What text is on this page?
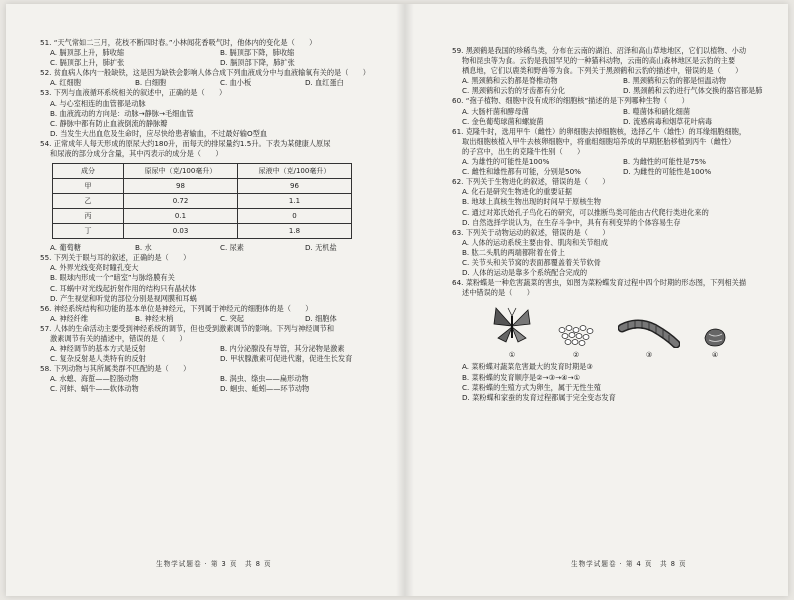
51. “天气常如二三月，花枝不断四时春。”小林闻花香吸气时，他体内的变化是（　　）
A. 膈顶部上升，肺收缩	B. 膈顶部下降，肺收缩
C. 膈顶部上升，肺扩张	D. 膈顶部下降，肺扩张
52. 贫血病人体内一般缺铁，这是因为缺铁会影响人体合成下列血液成分中与血液输氧有关的是（　　）
A. 红细胞	B. 白细胞	C. 血小板	D. 血红蛋白
53. 下列与血液循环系统相关的叙述中，正确的是（　　）
A. 与心室相连的血管都是动脉
B. 血液流动的方向是：动脉→静脉→毛细血管
C. 静脉中都有防止血液倒流的静脉瓣
D. 当发生大出血危及生命时，应尽快给患者输血，不过最好输O型血
54. 正常成年人每天形成的原尿大约180升，而每天的排尿量约1.5升。下表为某健康人原尿
和尿液的部分成分含量，其中丙表示的成分是（　　）
成分	原尿中（克/100毫升）	尿液中（克/100毫升）
甲	98	96
乙	0.72	1.1
丙	0.1	0
丁	0.03	1.8
A. 葡萄糖	B. 水	C. 尿素	D. 无机盐
55. 下列关于眼与耳的叙述，正确的是（　　）
A. 外界光线变亮时瞳孔变大
B. 眼球内形成一个“暗室”与脉络膜有关
C. 耳蜗中对光线起折射作用的结构只有晶状体
D. 产生视觉和听觉的部位分别是视网膜和耳蜗
56. 神经系统结构和功能的基本单位是神经元，下列属于神经元的细胞体的是（　　）
A. 神经纤维	B. 神经末梢	C. 突起	D. 细胞体
57. 人体的生命活动主要受到神经系统的调节，但也受到激素调节的影响。下列与神经调节和
激素调节有关的描述中，错误的是（　　）
A. 神经调节的基本方式是反射	B. 内分泌腺没有导管，其分泌物是激素
C. 复杂反射是人类特有的反射	D. 甲状腺激素可促进代谢，促进生长发育
58. 下列动物与其所属类群不匹配的是（　　）
A. 水螅、海蜇——腔肠动物	B. 涡虫、绦虫——扁形动物
C. 河蚌、蜗牛——软体动物	D. 蛔虫、蚯蚓——环节动物
生物学试题卷 · 第 3 页　共 8 页
59. 黑颈鹤是我国的珍稀鸟类，分布在云南的湖泊、沼泽和高山草地地区，它们以植物、小动
物和昆虫等为食。云豹是我国罕见的一种猫科动物，云南的高山森林地区是云豹的主要
栖息地，它们以鹿类和野兽等为食。下列关于黑颈鹤和云豹的描述中，错误的是（　　）
A. 黑颈鹤和云豹都是脊椎动物	B. 黑颈鹤和云豹的都是恒温动物
C. 黑颈鹤和云豹的牙齿都有分化	D. 黑颈鹤和云豹进行气体交换的器官都是肺
60. “孢子植物、细胞中没有成形的细胞核”描述的是下列哪种生物（　　）
A. 大肠杆菌和酵母菌	B. 噬菌体和硝化细菌
C. 金色葡萄球菌和螺旋菌	D. 流感病毒和烟草花叶病毒
61. 克隆牛时，选用甲牛（雌性）的卵细胞去掉细胞核，选择乙牛（雄性）的耳缘细胞细胞，
取出细胞核植入甲牛去核卵细胞中，将重组细胞培养成的早期胚胎移植到丙牛（雌性）
的子宫中，出生的克隆牛性别（　　）
A. 为雄性的可能性是100%	B. 为雌性的可能性是75%
C. 雌性和雄性都有可能，分别是50%	D. 为雌性的可能性是100%
62. 下列关于生物进化的叙述，错误的是（　　）
A. 化石是研究生物进化的重要证据
B. 地球上真核生物出现的时间早于原核生物
C. 通过对郑氏始孔子鸟化石的研究，可以推断鸟类可能由古代爬行类进化来的
D. 自然选择学说认为，在生存斗争中，具有有利变异的个体容易生存
63. 下列关于动物运动的叙述，错误的是（　　）
A. 人体的运动系统主要由骨、肌肉和关节组成
B. 肱二头肌的两端都附着在骨上
C. 关节头和关节窝的表面都覆盖着关节软骨
D. 人体的运动是靠多个系统配合完成的
64. 菜粉蝶是一种危害蔬菜的害虫，如图为菜粉蝶发育过程中四个时期的形态图，下列相关描
述中错误的是（　　）
①	②	③	④
A. 菜粉蝶对蔬菜危害最大的发育时期是③
B. 菜粉蝶的发育顺序是②→③→④→①
C. 菜粉蝶的生殖方式为卵生，属于无性生殖
D. 菜粉蝶和家蚕的发育过程都属于完全变态发育
生物学试题卷 · 第 4 页　共 8 页
